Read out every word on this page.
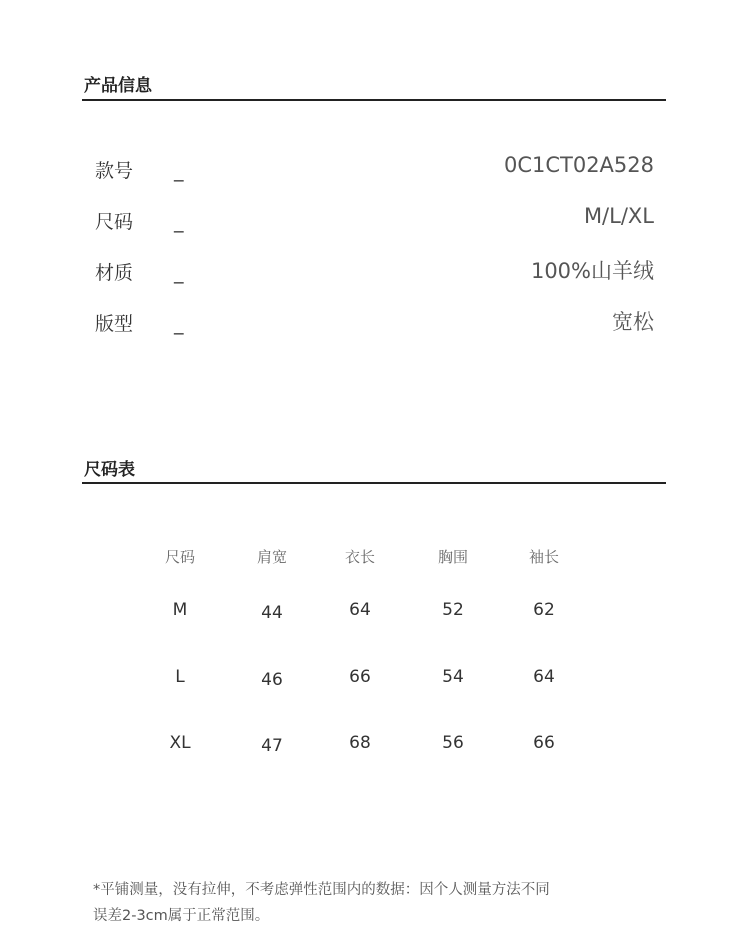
产品信息
款号 _	0C1CT02A528
尺码 _	M/L/XL
材质 _	100%山羊绒
版型 _	宽松
尺码表
尺码	肩宽	衣长	胸围	袖长
M	44	64	52	62
L	46	66	54	64
XL	47	68	56	66
*平铺测量，没有拉伸，不考虑弹性范围内的数据：因个人测量方法不同
误差2-3cm属于正常范围。
